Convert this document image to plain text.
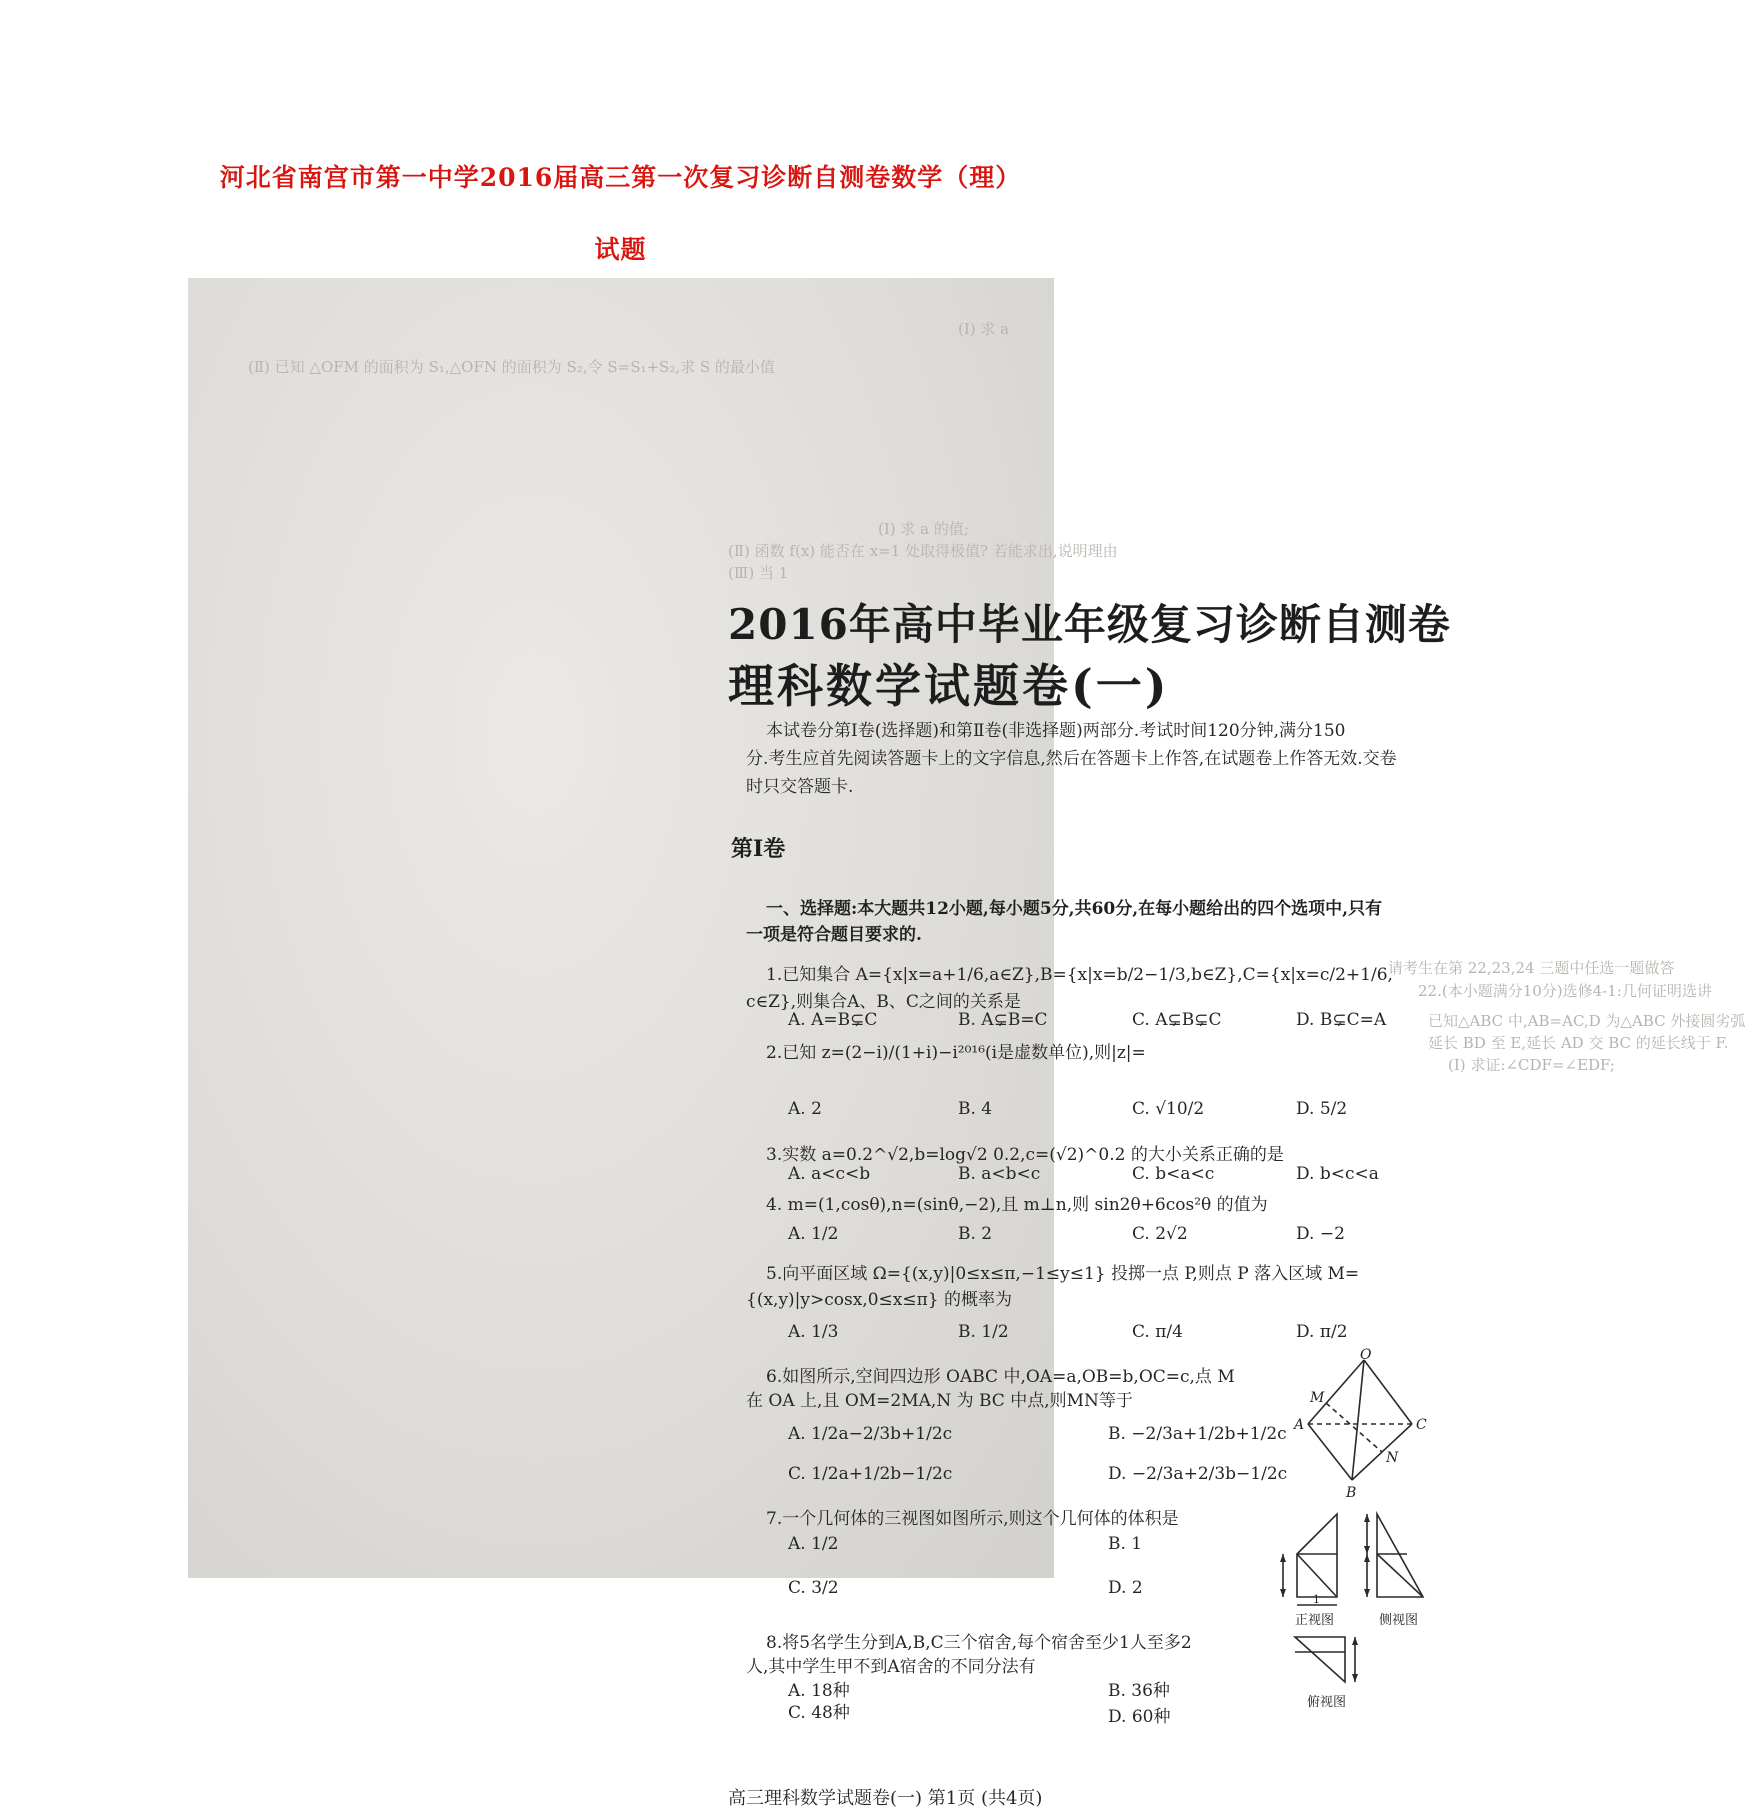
河北省南宫市第一中学2016届高三第一次复习诊断自测卷数学（理）
试题
(Ⅰ) 求 a
(Ⅱ) 已知 △OFM 的面积为 S₁,△OFN 的面积为 S₂,令 S=S₁+S₂,求 S 的最小值
(Ⅰ) 求 a 的值;
(Ⅱ) 函数 f(x) 能否在 x=1 处取得极值? 若能求出,说明理由
(Ⅲ) 当 1
请考生在第 22,23,24 三题中任选一题做答
22.(本小题满分10分)选修4-1:几何证明选讲
已知△ABC 中,AB=AC,D 为△ABC 外接圆劣弧
延长 BD 至 E,延长 AD 交 BC 的延长线于 F.
(Ⅰ) 求证:∠CDF=∠EDF;
2016年高中毕业年级复习诊断自测卷
理科数学试题卷(一)
本试卷分第Ⅰ卷(选择题)和第Ⅱ卷(非选择题)两部分.考试时间120分钟,满分150
分.考生应首先阅读答题卡上的文字信息,然后在答题卡上作答,在试题卷上作答无效.交卷
时只交答题卡.
第Ⅰ卷
一、选择题:本大题共12小题,每小题5分,共60分,在每小题给出的四个选项中,只有
一项是符合题目要求的.
1.已知集合 A={x|x=a+1/6,a∈Z},B={x|x=b/2−1/3,b∈Z},C={x|x=c/2+1/6,
c∈Z},则集合A、B、C之间的关系是
A. A=B⊊C	B. A⊊B=C	C. A⊊B⊊C	D. B⊊C=A
2.已知 z=(2−i)/(1+i)−i²⁰¹⁶(i是虚数单位),则|z|=
A. 2	B. 4	C. √10/2	D. 5/2
3.实数 a=0.2^√2,b=log√2 0.2,c=(√2)^0.2 的大小关系正确的是
A. a<c<b	B. a<b<c	C. b<a<c	D. b<c<a
4. m=(1,cosθ),n=(sinθ,−2),且 m⊥n,则 sin2θ+6cos²θ 的值为
A. 1/2	B. 2	C. 2√2	D. −2
5.向平面区域 Ω={(x,y)|0≤x≤π,−1≤y≤1} 投掷一点 P,则点 P 落入区域 M=
{(x,y)|y>cosx,0≤x≤π} 的概率为
A. 1/3	B. 1/2	C. π/4	D. π/2
6.如图所示,空间四边形 OABC 中,OA=a,OB=b,OC=c,点 M
在 OA 上,且 OM=2MA,N 为 BC 中点,则MN等于
A. 1/2a−2/3b+1/2c	B. −2/3a+1/2b+1/2c
C. 1/2a+1/2b−1/2c	D. −2/3a+2/3b−1/2c
O
M
A	C
N
B
7.一个几何体的三视图如图所示,则这个几何体的体积是
A. 1/2	B. 1
C. 3/2	D. 2
1
正视图	侧视图
俯视图
8.将5名学生分到A,B,C三个宿舍,每个宿舍至少1人至多2
人,其中学生甲不到A宿舍的不同分法有
A. 18种	B. 36种
C. 48种	D. 60种
高三理科数学试题卷(一) 第1页 (共4页)
